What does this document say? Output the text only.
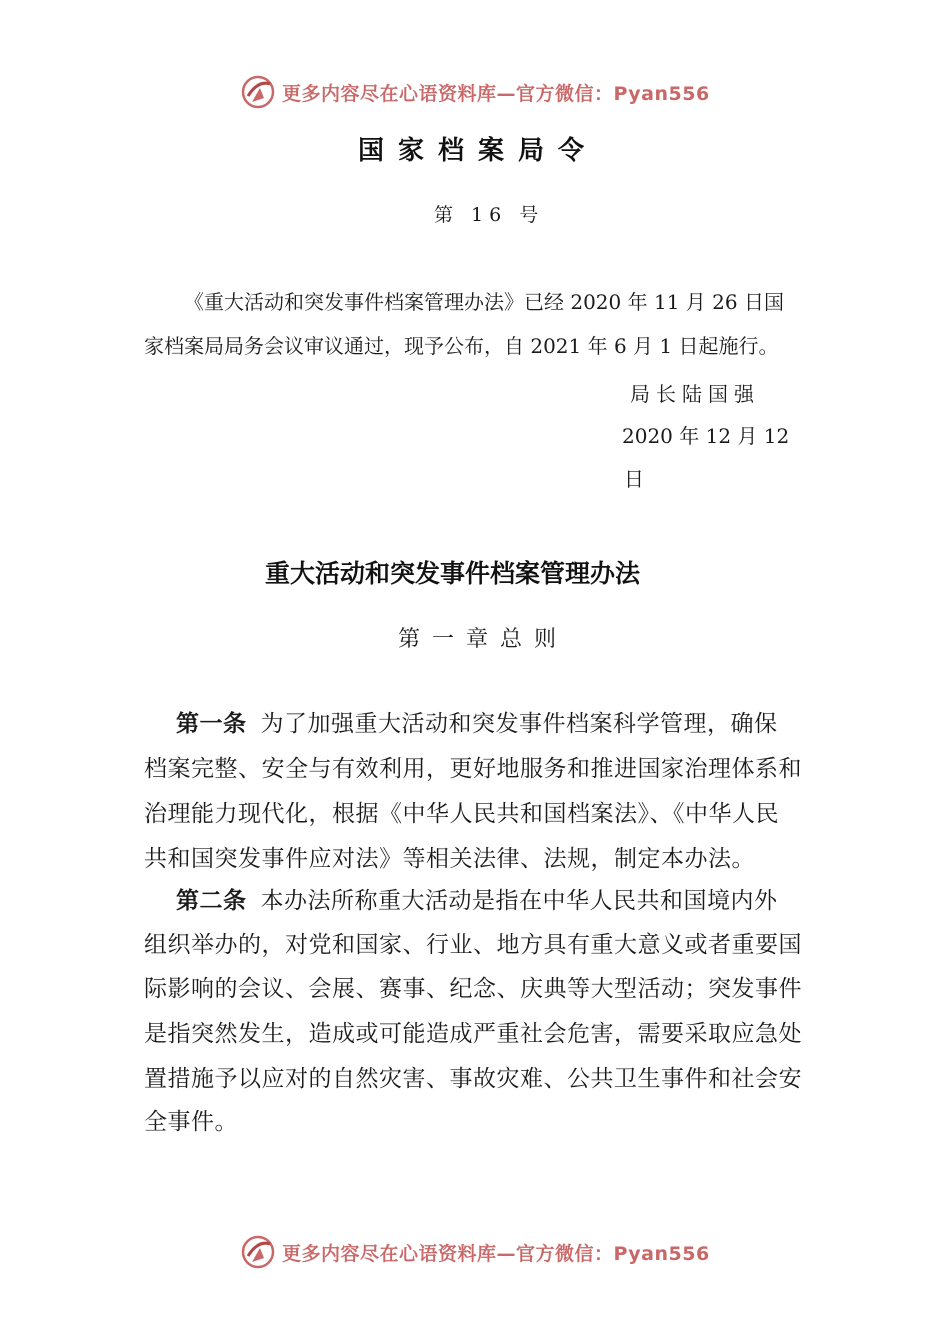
更多内容尽在心语资料库—官方微信：Pyan556
国家档案局令
第 16 号
《重大活动和突发事件档案管理办法》已经 2020 年 11 月 26 日国
家档案局局务会议审议通过，现予公布，自 2021 年 6 月 1 日起施行。
局长陆国强
2020 年 12 月 12
日
重大活动和突发事件档案管理办法
第一章总则
第一条 为了加强重大活动和突发事件档案科学管理，确保
档案完整、安全与有效利用，更好地服务和推进国家治理体系和
治理能力现代化，根据《中华人民共和国档案法》、《中华人民
共和国突发事件应对法》等相关法律、法规，制定本办法。
第二条 本办法所称重大活动是指在中华人民共和国境内外
组织举办的，对党和国家、行业、地方具有重大意义或者重要国
际影响的会议、会展、赛事、纪念、庆典等大型活动；突发事件
是指突然发生，造成或可能造成严重社会危害，需要采取应急处
置措施予以应对的自然灾害、事故灾难、公共卫生事件和社会安
全事件。
更多内容尽在心语资料库—官方微信：Pyan556
